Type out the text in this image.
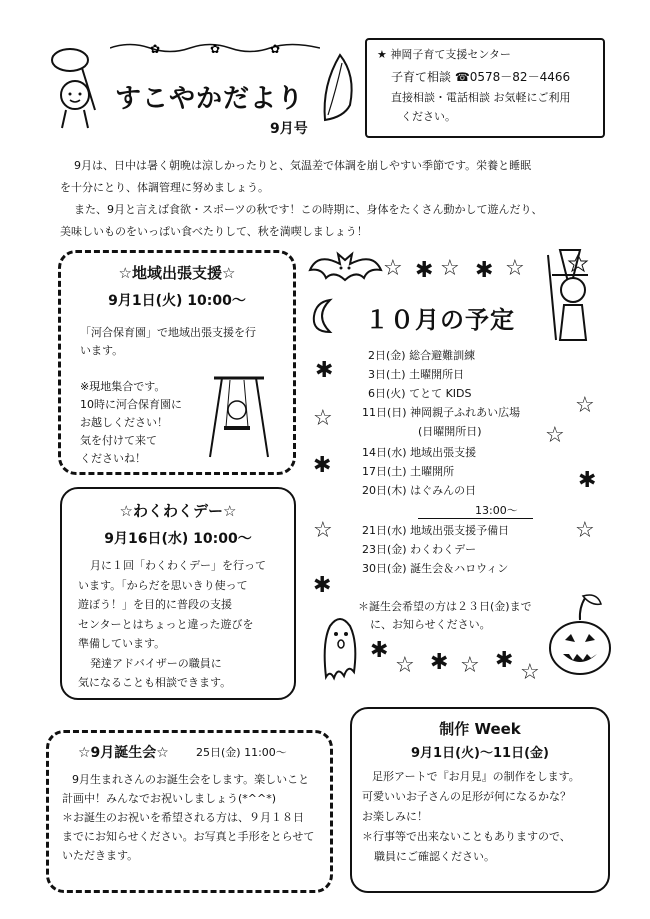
✿	✿	✿
すこやかだより
9月号
★ 神岡子育て支援センター
子育て相談 ☎0578－82－4466
直接相談・電話相談 お気軽にご利用
ください。
9月は、日中は暑く朝晩は涼しかったりと、気温差で体調を崩しやすい季節です。栄養と睡眠
を十分にとり、体調管理に努めましょう。
また、9月と言えば食欲・スポーツの秋です！この時期に、身体をたくさん動かして遊んだり、
美味しいものをいっぱい食べたりして、秋を満喫しましょう！
☆地域出張支援☆
9月1日(火) 10:00～
「河合保育園」で地域出張支援を行
います。
※現地集合です。
10時に河合保育園に
お越しください！
気を付けて来て
くださいね！
☆わくわくデー☆
9月16日(水) 10:00～
月に１回「わくわくデー」を行って
います。「からだを思いきり使って
遊ぼう！」を目的に普段の支援
センターとはちょっと違った遊びを
準備しています。
発達アドバイザーの職員に
気になることも相談できます。
☆ ✱ ☆ ✱ ☆
１０月の予定
✱
☆
✱
☆
✱
☆
☆
✱
☆
2日(金) 総合避難訓練
3日(土) 土曜開所日
6日(火) てとて KIDS
11日(日) 神岡親子ふれあい広場
(日曜開所日)
14日(水) 地域出張支援
17日(土) 土曜開所
20日(木) はぐみんの日
13:00～
21日(水) 地域出張支援予備日
23日(金) わくわくデー
30日(金) 誕生会＆ハロウィン
＊誕生会希望の方は２３日(金)まで
に、お知らせください。
✱
☆ ✱ ☆ ✱ ☆
☆9月誕生会☆ 25日(金) 11:00～
9月生まれさんのお誕生会をします。楽しいこと
計画中！みんなでお祝いしましょう(*^^*)
＊お誕生のお祝いを希望される方は、９月１８日
までにお知らせください。お写真と手形をとらせて
いただきます。
制作 Week
9月1日(火)～11日(金)
足形アートで『お月見』の制作をします。
可愛いいお子さんの足形が何になるかな？
お楽しみに！
＊行事等で出来ないこともありますので、
職員にご確認ください。
